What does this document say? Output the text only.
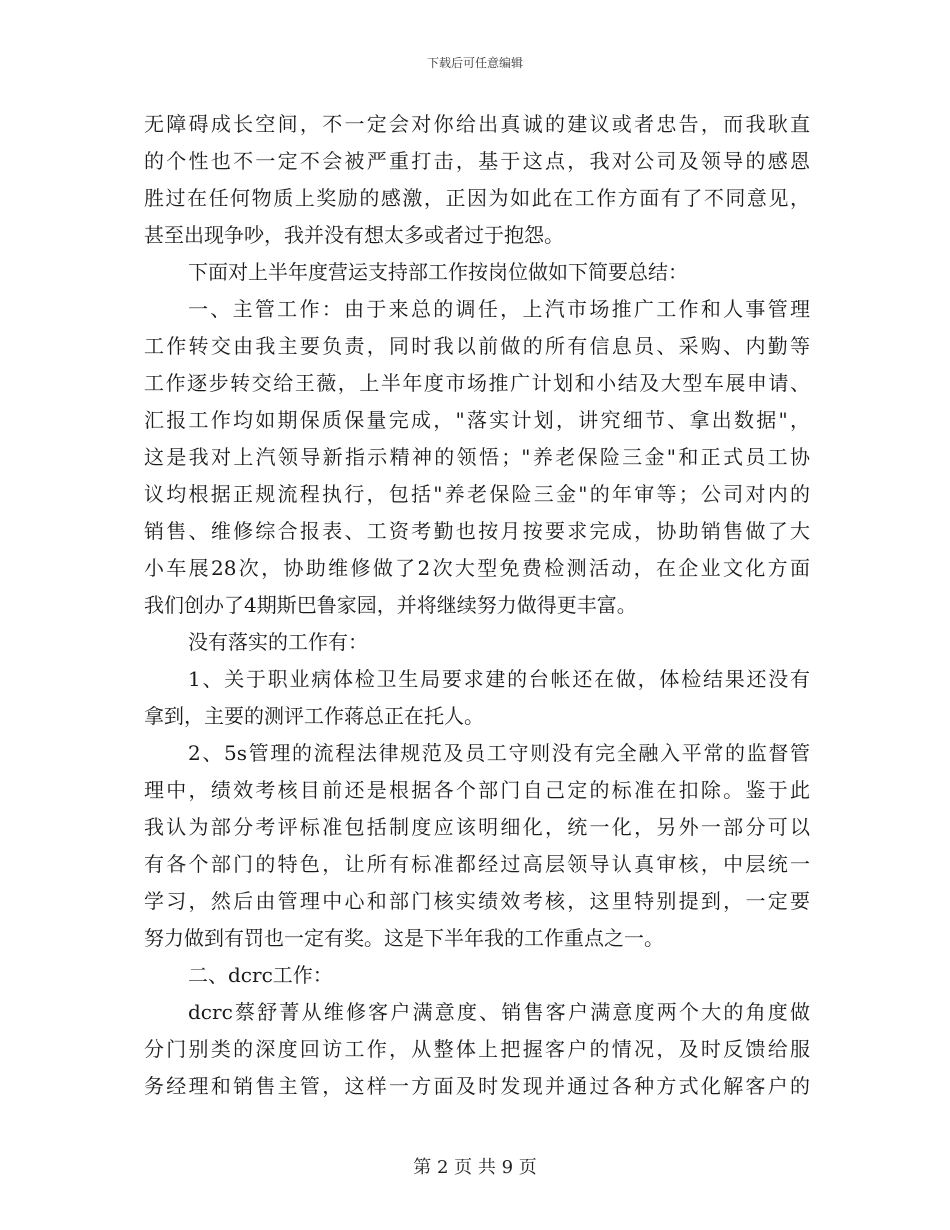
下载后可任意编辑
无障碍成长空间，不一定会对你给出真诚的建议或者忠告，而我耿直
的个性也不一定不会被严重打击，基于这点，我对公司及领导的感恩
胜过在任何物质上奖励的感激，正因为如此在工作方面有了不同意见，
甚至出现争吵，我并没有想太多或者过于抱怨。
下面对上半年度营运支持部工作按岗位做如下简要总结：
一、主管工作：由于来总的调任，上汽市场推广工作和人事管理
工作转交由我主要负责，同时我以前做的所有信息员、采购、内勤等
工作逐步转交给王薇，上半年度市场推广计划和小结及大型车展申请、
汇报工作均如期保质保量完成，"落实计划，讲究细节、拿出数据"，
这是我对上汽领导新指示精神的领悟；"养老保险三金"和正式员工协
议均根据正规流程执行，包括"养老保险三金"的年审等；公司对内的
销售、维修综合报表、工资考勤也按月按要求完成，协助销售做了大
小车展28次，协助维修做了2次大型免费检测活动，在企业文化方面
我们创办了4期斯巴鲁家园，并将继续努力做得更丰富。
没有落实的工作有：
1、关于职业病体检卫生局要求建的台帐还在做，体检结果还没有
拿到，主要的测评工作蒋总正在托人。
2、5s管理的流程法律规范及员工守则没有完全融入平常的监督管
理中，绩效考核目前还是根据各个部门自己定的标准在扣除。鉴于此
我认为部分考评标准包括制度应该明细化，统一化，另外一部分可以
有各个部门的特色，让所有标准都经过高层领导认真审核，中层统一
学习，然后由管理中心和部门核实绩效考核，这里特别提到，一定要
努力做到有罚也一定有奖。这是下半年我的工作重点之一。
二、dcrc工作：
dcrc蔡舒菁从维修客户满意度、销售客户满意度两个大的角度做
分门别类的深度回访工作，从整体上把握客户的情况，及时反馈给服
务经理和销售主管，这样一方面及时发现并通过各种方式化解客户的
第 2 页 共 9 页
